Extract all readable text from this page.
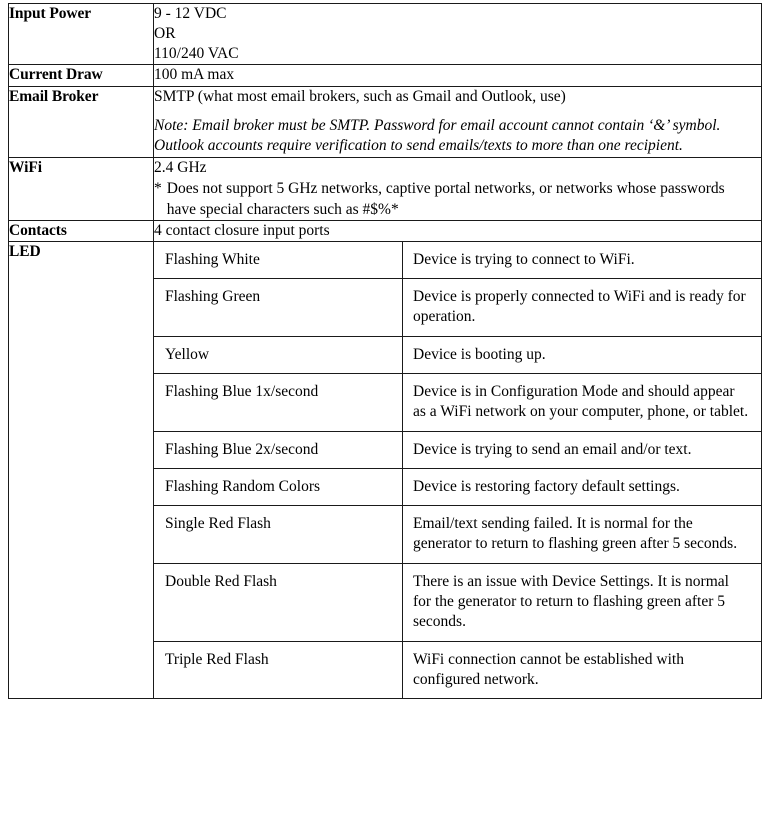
Input Power	9 - 12 VDC
OR
110/240 VAC

Current Draw	100 mA max

Email Broker	SMTP (what most email brokers, such as Gmail and Outlook, use)
Note: Email broker must be SMTP. Password for email account cannot contain ‘&’ symbol. Outlook accounts require verification to send emails/texts to more than one recipient.

WiFi	2.4 GHz
* Does not support 5 GHz networks, captive portal networks, or networks whose passwords have special characters such as #$%*

Contacts	4 contact closure input ports

LED		Flashing White	Device is trying to connect to WiFi.
Flashing Green	Device is properly connected to WiFi and is ready for operation.
Yellow	Device is booting up.
Flashing Blue 1x/second	Device is in Configuration Mode and should appear as a WiFi network on your computer, phone, or tablet.
Flashing Blue 2x/second	Device is trying to send an email and/or text.
Flashing Random Colors	Device is restoring factory default settings.
Single Red Flash	Email/text sending failed. It is normal for the generator to return to flashing green after 5 seconds.
Double Red Flash	There is an issue with Device Settings. It is normal for the generator to return to flashing green after 5 seconds.
Triple Red Flash	WiFi connection cannot be established with configured network.
